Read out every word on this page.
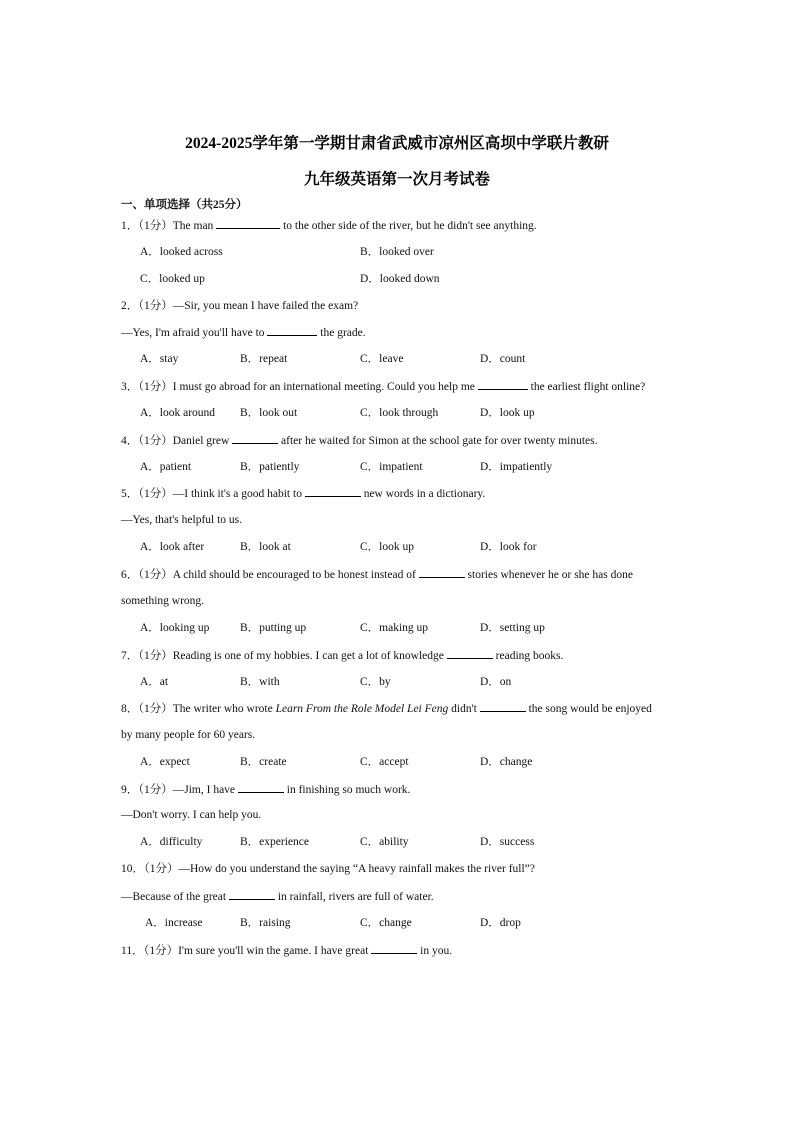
2024-2025学年第一学期甘肃省武威市凉州区高坝中学联片教研
九年级英语第一次月考试卷
一、单项选择（共25分）
1．（1分）The man	to the other side of the river, but he didn't see anything.
A．looked across	B．looked over
C．looked up	D．looked down
2．（1分）—Sir, you mean I have failed the exam?
—Yes, I'm afraid you'll have to	the grade.
A．stay	B．repeat	C．leave	D．count
3．（1分）I must go abroad for an international meeting. Could you help me	the earliest flight online?
A．look around B．look out	C．look through	D．look up
4．（1分）Daniel grew	after he waited for Simon at the school gate for over twenty minutes.
A．patient	B．patiently	C．impatient	D．impatiently
5．（1分）—I think it's a good habit to	new words in a dictionary.
—Yes, that's helpful to us.
A．look after	B．look at	C．look up	D．look for
6．（1分）A child should be encouraged to be honest instead of	stories whenever he or she has done
something wrong.
A．looking up	B．putting up	C．making up	D．setting up
7．（1分）Reading is one of my hobbies. I can get a lot of knowledge	reading books.
A．at	B．with	C．by	D．on
8．（1分）The writer who wrote Learn From the Role Model Lei Feng didn't	the song would be enjoyed
by many people for 60 years.
A．expect	B．create	C．accept	D．change
9．（1分）—Jim, I have	in finishing so much work.
—Don't worry. I can help you.
A．difficulty	B．experience	C．ability	D．success
10．（1分）—How do you understand the saying “A heavy rainfall makes the river full”?
—Because of the great	in rainfall, rivers are full of water.
A．increase	B．raising	C．change	D．drop
11．（1分）I'm sure you'll win the game. I have great	in you.
